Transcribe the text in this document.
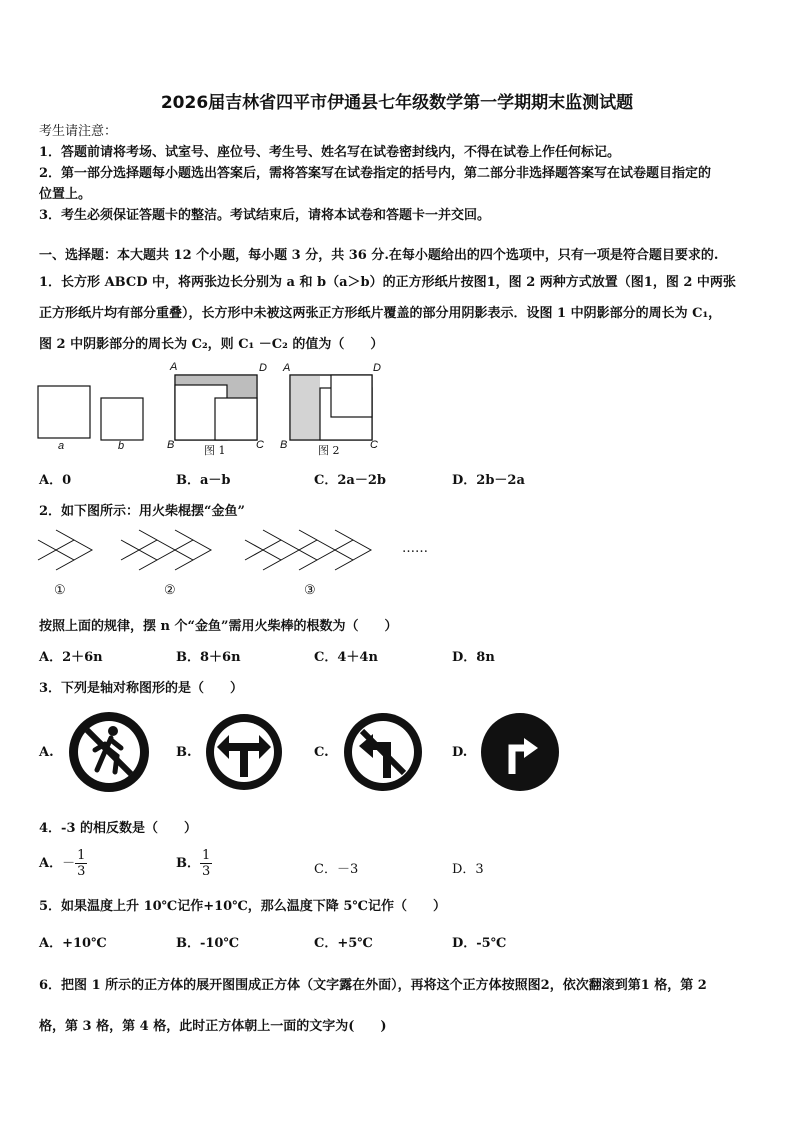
2026届吉林省四平市伊通县七年级数学第一学期期末监测试题
考生请注意：
1．答题前请将考场、试室号、座位号、考生号、姓名写在试卷密封线内，不得在试卷上作任何标记。
2．第一部分选择题每小题选出答案后，需将答案写在试卷指定的括号内，第二部分非选择题答案写在试卷题目指定的
位置上。
3．考生必须保证答题卡的整洁。考试结束后，请将本试卷和答题卡一并交回。
一、选择题：本大题共 12 个小题，每小题 3 分，共 36 分.在每小题给出的四个选项中，只有一项是符合题目要求的.
1．长方形 ABCD 中，将两张边长分别为 a 和 b（a＞b）的正方形纸片按图1，图 2 两种方式放置（图1，图 2 中两张
正方形纸片均有部分重叠），长方形中未被这两张正方形纸片覆盖的部分用阴影表示．设图 1 中阴影部分的周长为 C₁，
图 2 中阴影部分的周长为 C₂，则 C₁ －C₂ 的值为（　　）
a	b
A	D
B	C
图 1
A	D
B	C
图 2
A．0	B．a－b	C．2a－2b	D．2b－2a
2．如下图所示：用火柴棍摆“金鱼”
……
①	②	③
按照上面的规律，摆 n 个“金鱼”需用火柴棒的根数为（　　）
A．2＋6n	B．8＋6n	C．4＋4n	D．8n
3．下列是轴对称图形的是（　　）
A.	B.	C.	D.
4．-3 的相反数是（　　）
A．－ $\frac{1}{3}$	B． $\frac{1}{3}$	C．－3	D．3
5．如果温度上升 10℃记作+10℃，那么温度下降 5℃记作（　　）
A．+10℃	B．-10℃	C．+5℃	D．-5℃
6．把图 1 所示的正方体的展开图围成正方体（文字露在外面），再将这个正方体按照图2，依次翻滚到第1 格，第 2
格，第 3 格，第 4 格，此时正方体朝上一面的文字为(　　)
